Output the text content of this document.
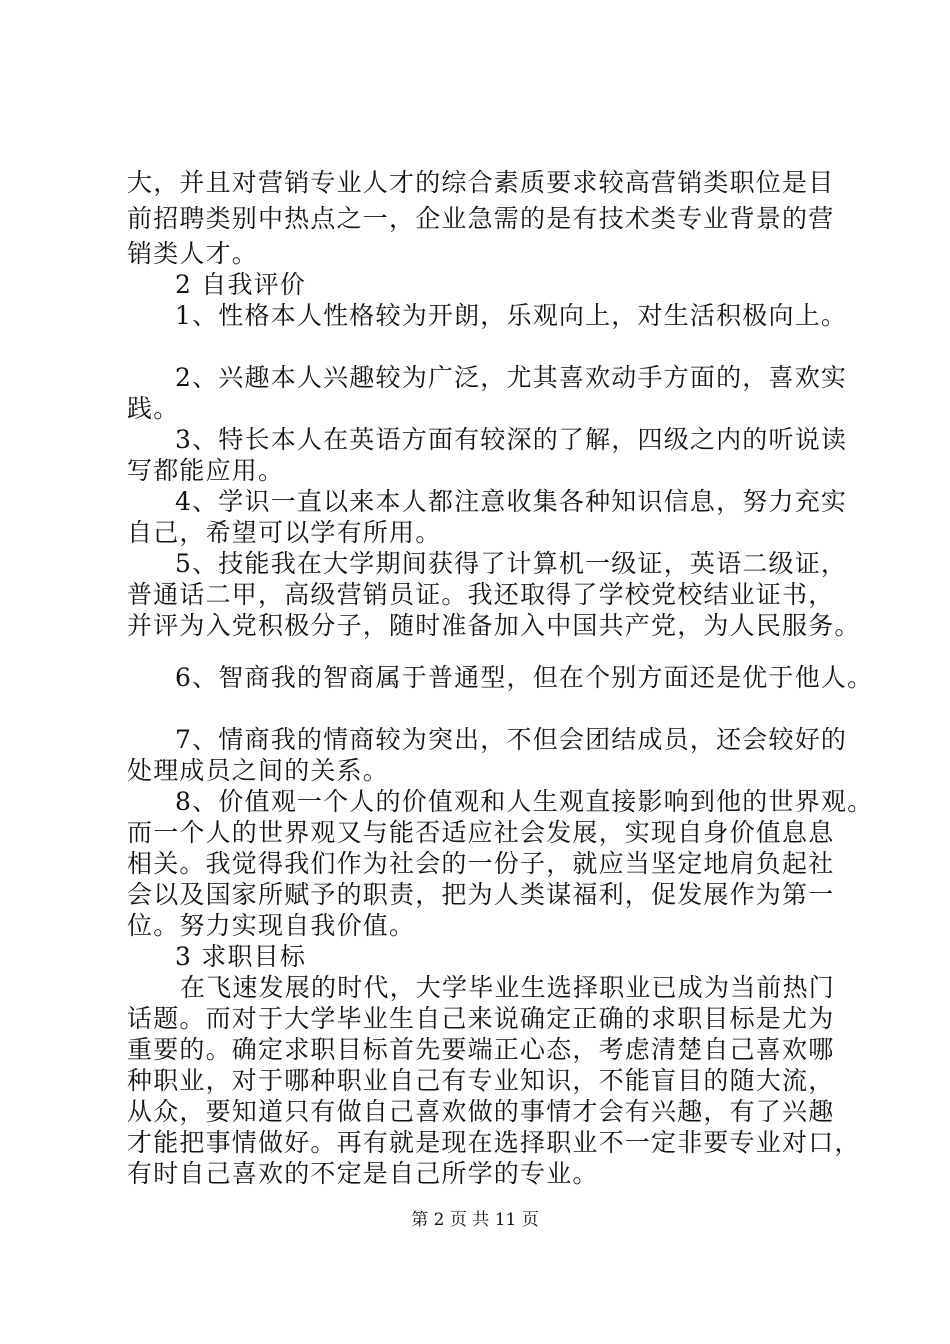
大，并且对营销专业人才的综合素质要求较高营销类职位是目
前招聘类别中热点之一，企业急需的是有技术类专业背景的营
销类人才。
2 自我评价
1、性格本人性格较为开朗，乐观向上，对生活积极向上。
2、兴趣本人兴趣较为广泛，尤其喜欢动手方面的，喜欢实
践。
3、特长本人在英语方面有较深的了解，四级之内的听说读
写都能应用。
4、学识一直以来本人都注意收集各种知识信息，努力充实
自己，希望可以学有所用。
5、技能我在大学期间获得了计算机一级证，英语二级证，
普通话二甲，高级营销员证。我还取得了学校党校结业证书，
并评为入党积极分子，随时准备加入中国共产党，为人民服务。
6、智商我的智商属于普通型，但在个别方面还是优于他人。
7、情商我的情商较为突出，不但会团结成员，还会较好的
处理成员之间的关系。
8、价值观一个人的价值观和人生观直接影响到他的世界观。
而一个人的世界观又与能否适应社会发展，实现自身价值息息
相关。我觉得我们作为社会的一份子，就应当坚定地肩负起社
会以及国家所赋予的职责，把为人类谋福利，促发展作为第一
位。努力实现自我价值。
3 求职目标
在飞速发展的时代，大学毕业生选择职业已成为当前热门
话题。而对于大学毕业生自己来说确定正确的求职目标是尤为
重要的。确定求职目标首先要端正心态，考虑清楚自己喜欢哪
种职业，对于哪种职业自己有专业知识，不能盲目的随大流，
从众，要知道只有做自己喜欢做的事情才会有兴趣，有了兴趣
才能把事情做好。再有就是现在选择职业不一定非要专业对口，
有时自己喜欢的不定是自己所学的专业。
第 2 页 共 11 页
